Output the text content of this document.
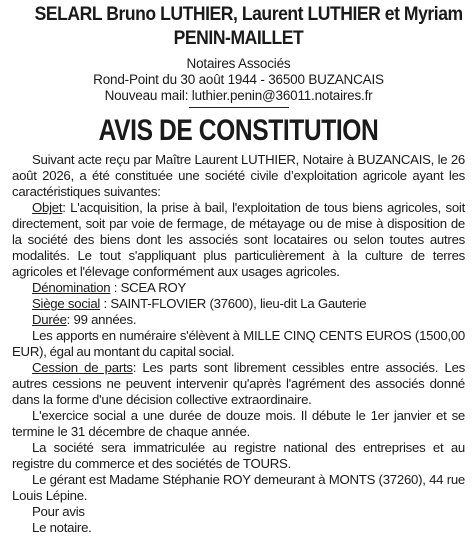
SELARL Bruno LUTHIER, Laurent LUTHIER et Myriam
PENIN-MAILLET
Notaires Associés
Rond-Point du 30 août 1944 - 36500 BUZANCAIS
Nouveau mail: luthier.penin@36011.notaires.fr
AVIS DE CONSTITUTION

Suivant acte reçu par Maître Laurent LUTHIER, Notaire à BUZANCAIS, le 26 août 2026, a été constituée une société civile d’exploitation agricole ayant les caractéristiques suivantes:

Objet: L'acquisition, la prise à bail, l'exploitation de tous biens agricoles, soit directement, soit par voie de fermage, de métayage ou de mise à disposition de la société des biens dont les associés sont locataires ou selon toutes autres modalités. Le tout s'appliquant plus particulièrement à la culture de terres agricoles et l'élevage conformément aux usages agricoles.

Dénomination : SCEA ROY

Siège social : SAINT-FLOVIER (37600), lieu-dit La Gauterie

Durée: 99 années.

Les apports en numéraire s'élèvent à MILLE CINQ CENTS EUROS (1500,00 EUR), égal au montant du capital social.

Cession de parts: Les parts sont librement cessibles entre associés. Les autres cessions ne peuvent intervenir qu'après l'agrément des associés donné dans la forme d'une décision collective extraordinaire.

L'exercice social a une durée de douze mois. Il débute le 1er janvier et se termine le 31 décembre de chaque année.

La société sera immatriculée au registre national des entreprises et au registre du commerce et des sociétés de TOURS.

Le gérant est Madame Stéphanie ROY demeurant à MONTS (37260), 44 rue Louis Lépine.

Pour avis

Le notaire.
